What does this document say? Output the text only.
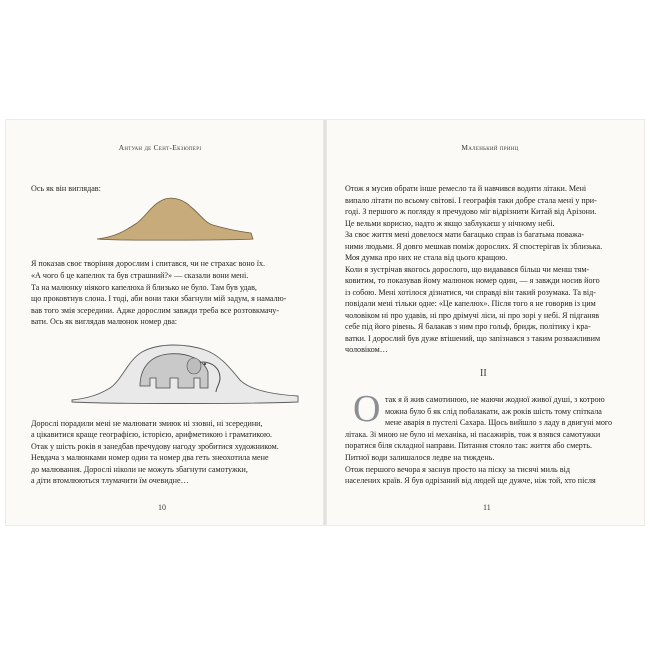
Антуан де Сент-Екзюпері
Ось як він виглядав:
Я показав своє творіння дорослим і спитався, чи не страхає воно їх.
«А чого б це капелюх та був страшний?» — сказали вони мені.
Та на малюнку ніякого капелюха й близько не було. Там був удав,
що проковтнув слона. І тоді, аби вони таки збагнули мій задум, я намалю-
вав того змія зсередини. Адже дорослим завжди треба все розтовкмачу-
вати. Ось як виглядав малюнок номер два:
Дорослі порадили мені не малювати змиюк ні ззовні, ні зсередини,
а цікавитися краще географією, історією, арифметикою і граматикою.
Отак у шість років я занедбав пречудову нагоду зробитися художником.
Невдача з малюнками номер один та номер два геть знеохотила мене
до малювання. Дорослі ніколи не можуть збагнути самотужки,
а діти втомлюються тлумачити їм очевидне…
10
Маленький принц
Отож я мусив обрати інше ремесло та й навчився водити літаки. Мені
випало літати по всьому світові. І географія таки добре стала мені у при-
годі. З першого ж погляду я пречудово міг відрізнити Китай від Арізони.
Це вельми корисно, надто ж якщо заблукаєш у нічному небі.
За своє життя мені довелося мати багацько справ із багатьма поважа-
ними людьми. Я довго мешкав поміж дорослих. Я спостерігав їх зблизька.
Моя думка про них не стала від цього кращою.
Коли я зустрічав якогось дорослого, що видавався більш чи менш тям-
ковитим, то показував йому малюнок номер один, — я завжди носив його
із собою. Мені хотілося дізнатися, чи справді він такий розумака. Та від-
повідали мені тільки одне: «Це капелюх». Після того я не говорив із цим
чоловіком ні про удавів, ні про дрімучі ліси, ні про зорі у небі. Я підганяв
себе під його рівень. Я балакав з ним про гольф, бридж, політику і кра-
ватки. І дорослий був дуже втішений, що запізнався з таким розважливим
чоловіком…
II
О так я й жив самотинюю, не маючи жодної живої душі, з котрою
можна було б як слід побалакати, аж років шість тому спіткала
мене аварія в пустелі Сахара. Щось вийшло з ладу в двигуні мого
літака. Зі мною не було ні механіка, ні пасажирів, тож я взявся самотужки
поратися біля складної направи. Питання стояло так: життя або смерть.
Питної води залишалося ледве на тиждень.
Отож першого вечора я заснув просто на піску за тисячі миль від
населених країв. Я був одрізаний від людей ще дужче, ніж той, хто після
11
